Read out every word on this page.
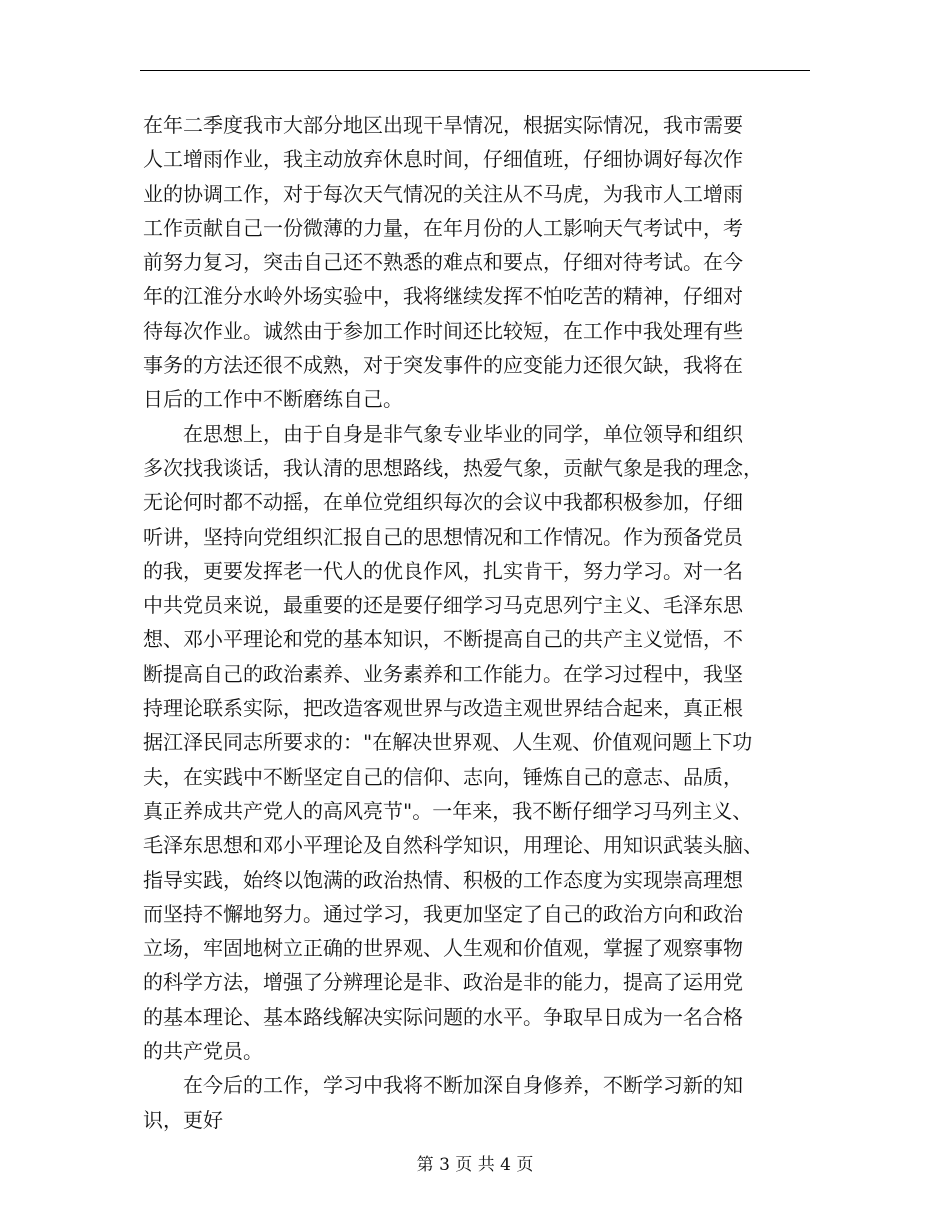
在年二季度我市大部分地区出现干旱情况，根据实际情况，我市需要
人工增雨作业，我主动放弃休息时间，仔细值班，仔细协调好每次作
业的协调工作，对于每次天气情况的关注从不马虎，为我市人工增雨
工作贡献自己一份微薄的力量，在年月份的人工影响天气考试中，考
前努力复习，突击自己还不熟悉的难点和要点，仔细对待考试。在今
年的江淮分水岭外场实验中，我将继续发挥不怕吃苦的精神，仔细对
待每次作业。诚然由于参加工作时间还比较短，在工作中我处理有些
事务的方法还很不成熟，对于突发事件的应变能力还很欠缺，我将在
日后的工作中不断磨练自己。
　　在思想上，由于自身是非气象专业毕业的同学，单位领导和组织
多次找我谈话，我认清的思想路线，热爱气象，贡献气象是我的理念，
无论何时都不动摇，在单位党组织每次的会议中我都积极参加，仔细
听讲，坚持向党组织汇报自己的思想情况和工作情况。作为预备党员
的我，更要发挥老一代人的优良作风，扎实肯干，努力学习。对一名
中共党员来说，最重要的还是要仔细学习马克思列宁主义、毛泽东思
想、邓小平理论和党的基本知识，不断提高自己的共产主义觉悟，不
断提高自己的政治素养、业务素养和工作能力。在学习过程中，我坚
持理论联系实际，把改造客观世界与改造主观世界结合起来，真正根
据江泽民同志所要求的："在解决世界观、人生观、价值观问题上下功
夫，在实践中不断坚定自己的信仰、志向，锤炼自己的意志、品质，
真正养成共产党人的高风亮节"。一年来，我不断仔细学习马列主义、
毛泽东思想和邓小平理论及自然科学知识，用理论、用知识武装头脑、
指导实践，始终以饱满的政治热情、积极的工作态度为实现崇高理想
而坚持不懈地努力。通过学习，我更加坚定了自己的政治方向和政治
立场，牢固地树立正确的世界观、人生观和价值观，掌握了观察事物
的科学方法，增强了分辨理论是非、政治是非的能力，提高了运用党
的基本理论、基本路线解决实际问题的水平。争取早日成为一名合格
的共产党员。
　　在今后的工作，学习中我将不断加深自身修养，不断学习新的知
识，更好
第 3 页 共 4 页
